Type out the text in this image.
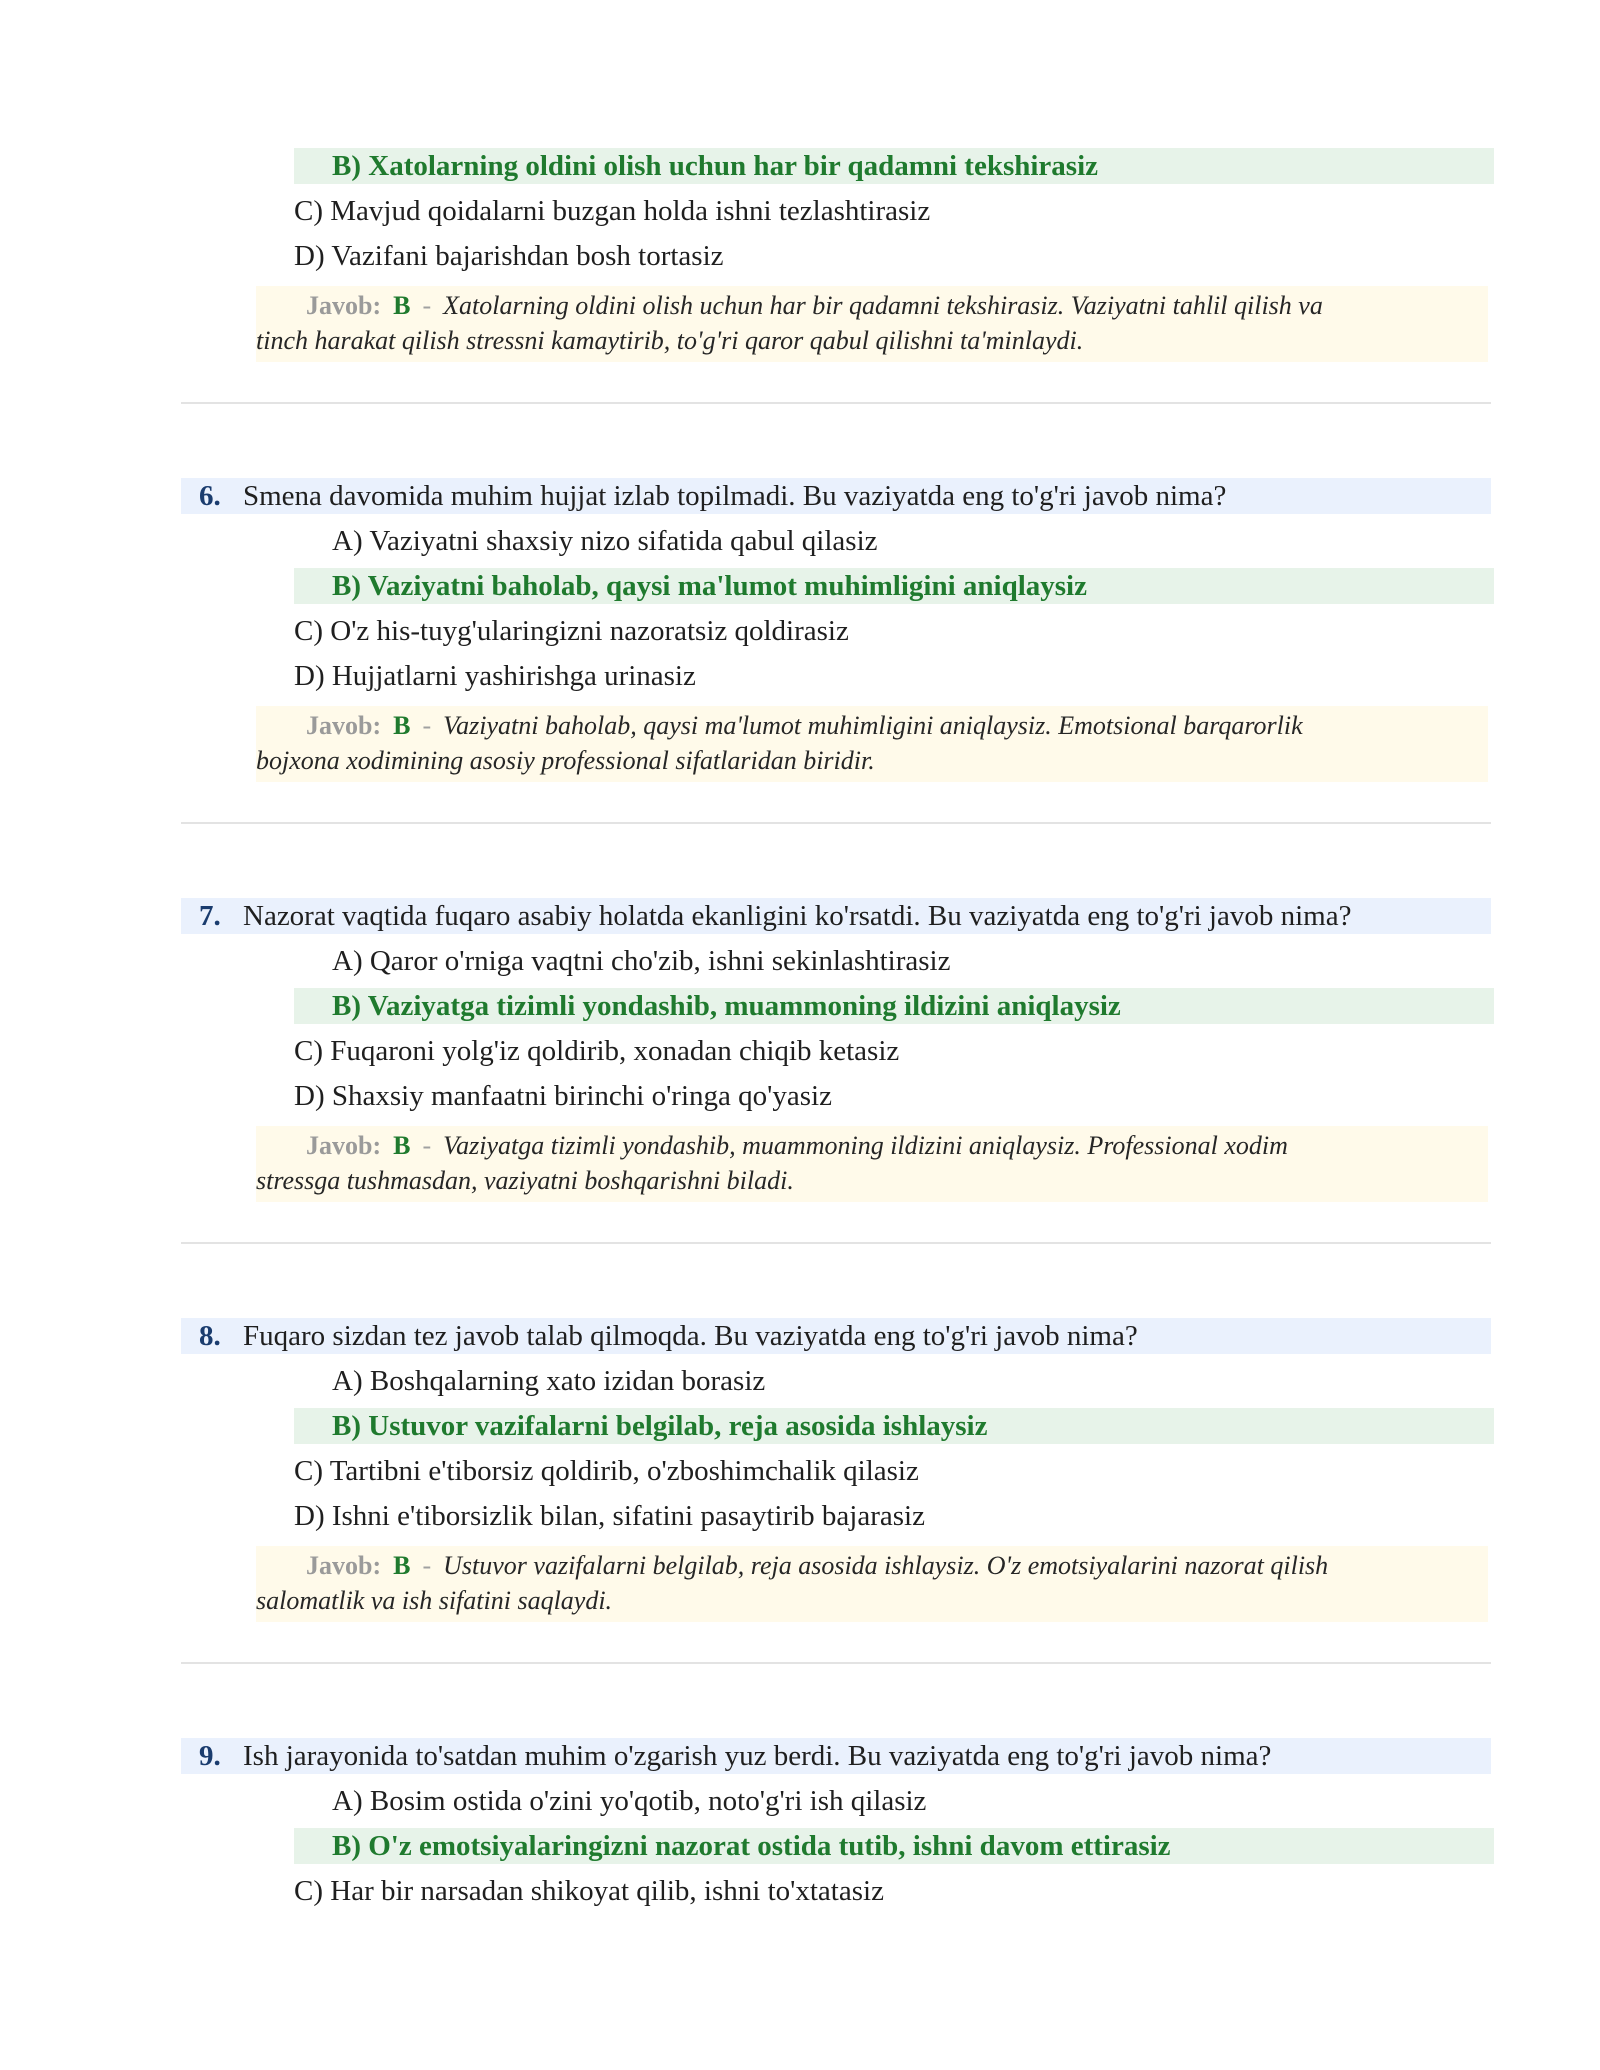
B) Xatolarning oldini olish uchun har bir qadamni tekshirasiz
C) Mavjud qoidalarni buzgan holda ishni tezlashtirasiz
D) Vazifani bajarishdan bosh tortasiz
Javob: B - Xatolarning oldini olish uchun har bir qadamni tekshirasiz. Vaziyatni tahlil qilish va
tinch harakat qilish stressni kamaytirib, to'g'ri qaror qabul qilishni ta'minlaydi.
6. Smena davomida muhim hujjat izlab topilmadi. Bu vaziyatda eng to'g'ri javob nima?
A) Vaziyatni shaxsiy nizo sifatida qabul qilasiz
B) Vaziyatni baholab, qaysi ma'lumot muhimligini aniqlaysiz
C) O'z his-tuyg'ularingizni nazoratsiz qoldirasiz
D) Hujjatlarni yashirishga urinasiz
Javob: B - Vaziyatni baholab, qaysi ma'lumot muhimligini aniqlaysiz. Emotsional barqarorlik
bojxona xodimining asosiy professional sifatlaridan biridir.
7. Nazorat vaqtida fuqaro asabiy holatda ekanligini ko'rsatdi. Bu vaziyatda eng to'g'ri javob nima?
A) Qaror o'rniga vaqtni cho'zib, ishni sekinlashtirasiz
B) Vaziyatga tizimli yondashib, muammoning ildizini aniqlaysiz
C) Fuqaroni yolg'iz qoldirib, xonadan chiqib ketasiz
D) Shaxsiy manfaatni birinchi o'ringa qo'yasiz
Javob: B - Vaziyatga tizimli yondashib, muammoning ildizini aniqlaysiz. Professional xodim
stressga tushmasdan, vaziyatni boshqarishni biladi.
8. Fuqaro sizdan tez javob talab qilmoqda. Bu vaziyatda eng to'g'ri javob nima?
A) Boshqalarning xato izidan borasiz
B) Ustuvor vazifalarni belgilab, reja asosida ishlaysiz
C) Tartibni e'tiborsiz qoldirib, o'zboshimchalik qilasiz
D) Ishni e'tiborsizlik bilan, sifatini pasaytirib bajarasiz
Javob: B - Ustuvor vazifalarni belgilab, reja asosida ishlaysiz. O'z emotsiyalarini nazorat qilish
salomatlik va ish sifatini saqlaydi.
9. Ish jarayonida to'satdan muhim o'zgarish yuz berdi. Bu vaziyatda eng to'g'ri javob nima?
A) Bosim ostida o'zini yo'qotib, noto'g'ri ish qilasiz
B) O'z emotsiyalaringizni nazorat ostida tutib, ishni davom ettirasiz
C) Har bir narsadan shikoyat qilib, ishni to'xtatasiz
